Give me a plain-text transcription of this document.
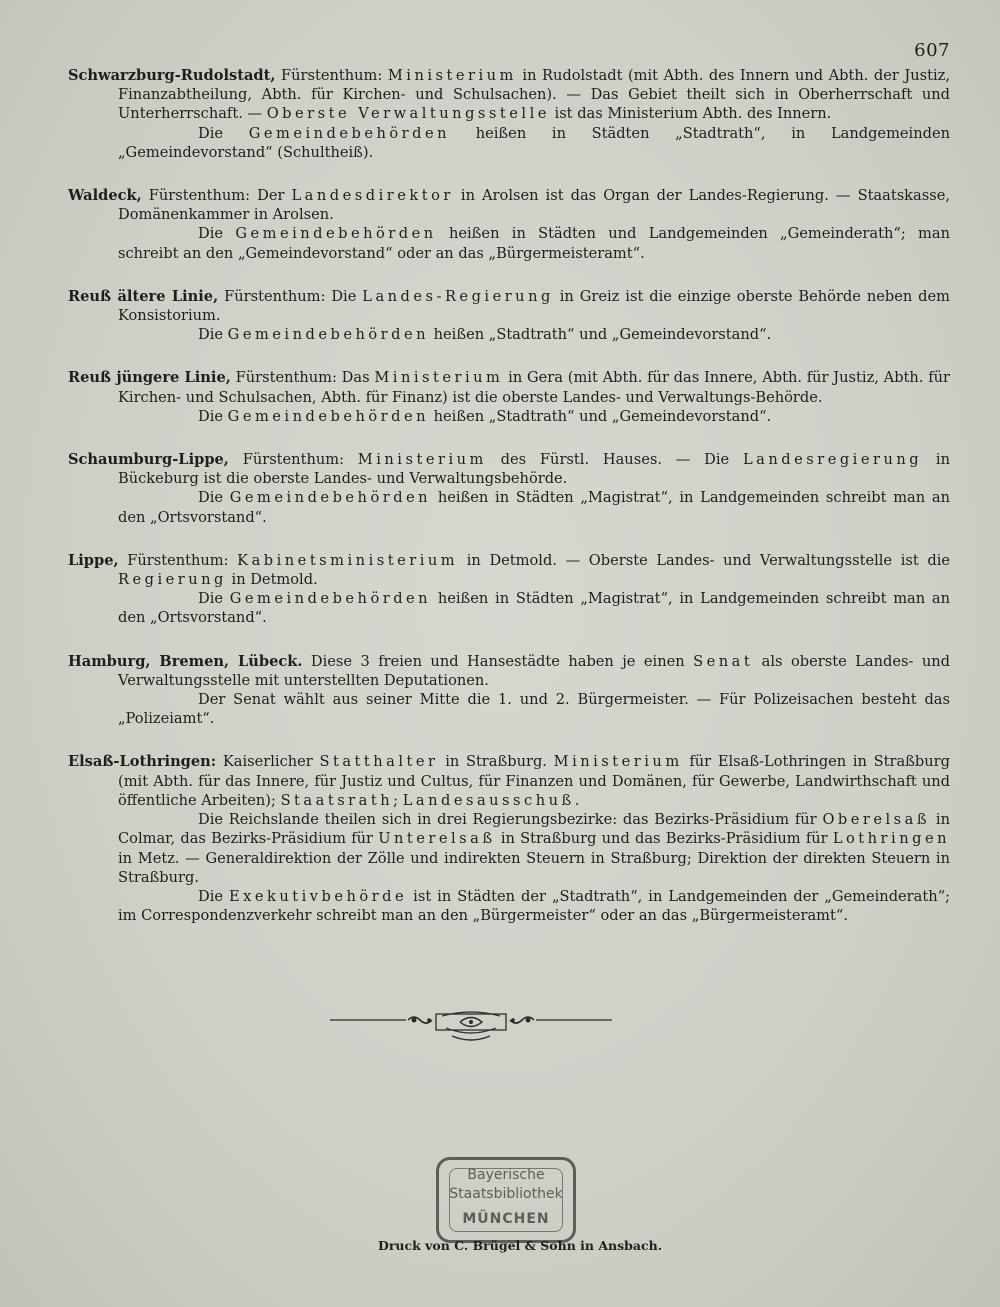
607

Schwarzburg-Rudolstadt, Fürstenthum: Ministerium in Rudolstadt (mit Abth. des Innern und Abth. der Justiz, Finanzabtheilung, Abth. für Kirchen- und Schulsachen). — Das Gebiet theilt sich in Oberherrschaft und Unterherrschaft. — Oberste Verwaltungsstelle ist das Ministerium Abth. des Innern.

Die Gemeindebehörden heißen in Städten „Stadtrath“, in Landgemeinden „Gemeindevorstand“ (Schultheiß).

Waldeck, Fürstenthum: Der Landesdirektor in Arolsen ist das Organ der Landes-Regierung. — Staatskasse, Domänenkammer in Arolsen.

Die Gemeindebehörden heißen in Städten und Landgemeinden „Gemeinderath“; man schreibt an den „Gemeindevorstand“ oder an das „Bürgermeisteramt“.

Reuß ältere Linie, Fürstenthum: Die Landes-Regierung in Greiz ist die einzige oberste Behörde neben dem Konsistorium.

Die Gemeindebehörden heißen „Stadtrath“ und „Gemeindevorstand“.

Reuß jüngere Linie, Fürstenthum: Das Ministerium in Gera (mit Abth. für das Innere, Abth. für Justiz, Abth. für Kirchen- und Schulsachen, Abth. für Finanz) ist die oberste Landes- und Verwaltungs-Behörde.

Die Gemeindebehörden heißen „Stadtrath“ und „Gemeindevorstand“.

Schaumburg-Lippe, Fürstenthum: Ministerium des Fürstl. Hauses. — Die Landesregierung in Bückeburg ist die oberste Landes- und Verwaltungsbehörde.

Die Gemeindebehörden heißen in Städten „Magistrat“, in Landgemeinden schreibt man an den „Ortsvorstand“.

Lippe, Fürstenthum: Kabinetsministerium in Detmold. — Oberste Landes- und Verwaltungsstelle ist die Regierung in Detmold.

Die Gemeindebehörden heißen in Städten „Magistrat“, in Landgemeinden schreibt man an den „Ortsvorstand“.

Hamburg, Bremen, Lübeck. Diese 3 freien und Hansestädte haben je einen Senat als oberste Landes- und Verwaltungsstelle mit unterstellten Deputationen.

Der Senat wählt aus seiner Mitte die 1. und 2. Bürgermeister. — Für Polizeisachen besteht das „Polizeiamt“.

Elsaß-Lothringen: Kaiserlicher Statthalter in Straßburg. Ministerium für Elsaß-Lothringen in Straßburg (mit Abth. für das Innere, für Justiz und Cultus, für Finanzen und Domänen, für Gewerbe, Landwirthschaft und öffentliche Arbeiten); Staatsrath; Landesausschuß.

Die Reichslande theilen sich in drei Regierungsbezirke: das Bezirks-Präsidium für Oberelsaß in Colmar, das Bezirks-Präsidium für Unterelsaß in Straßburg und das Bezirks-Präsidium für Lothringen in Metz. — Generaldirektion der Zölle und indirekten Steuern in Straßburg; Direktion der direkten Steuern in Straßburg.

Die Exekutivbehörde ist in Städten der „Stadtrath“, in Landgemeinden der „Gemeinderath“; im Correspondenzverkehr schreibt man an den „Bürgermeister“ oder an das „Bürgermeisteramt“.

Bayerische
Staatsbibliothek
MÜNCHEN
Druck von C. Brügel & Sohn in Ansbach.
